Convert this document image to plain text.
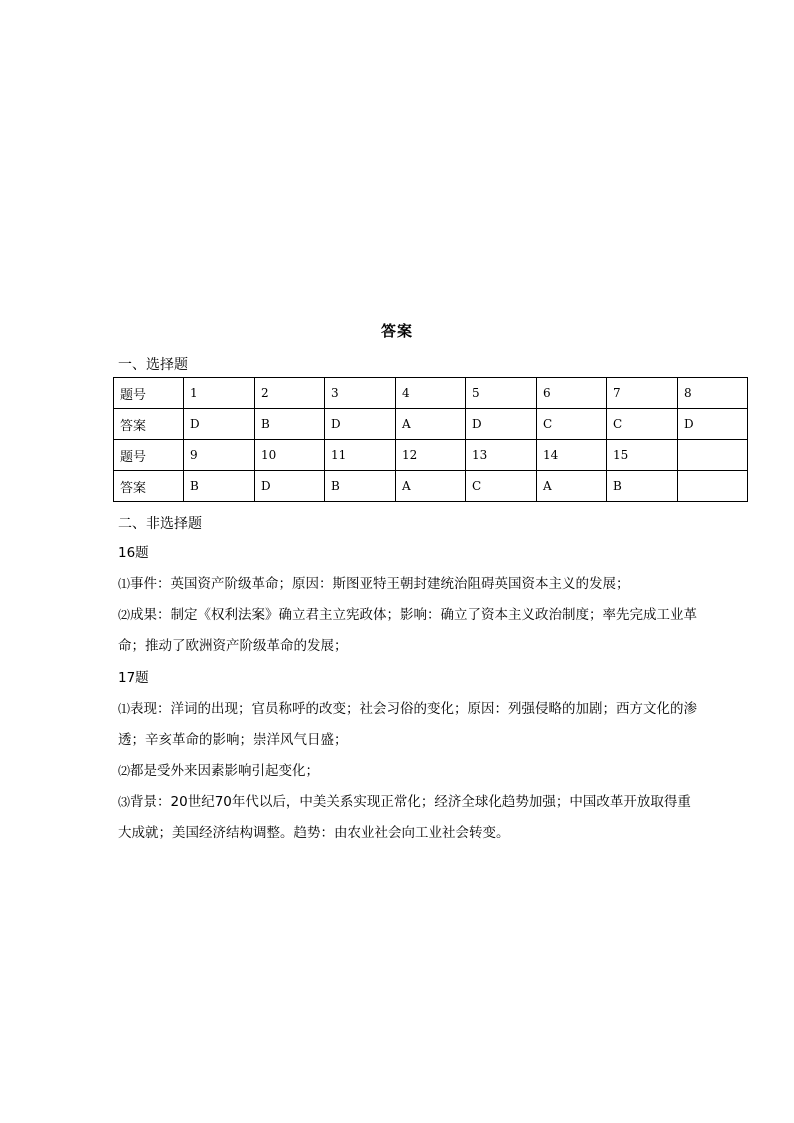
答案
一、选择题
题号	1	2	3	4	5	6	7	8
答案	D	B	D	A	D	C	C	D
题号	9	10	11	12	13	14	15	
答案	B	D	B	A	C	A	B	
二、非选择题

16题

⑴事件：英国资产阶级革命；原因：斯图亚特王朝封建统治阻碍英国资本主义的发展；

⑵成果：制定《权利法案》确立君主立宪政体；影响：确立了资本主义政治制度；率先完成工业革命；推动了欧洲资产阶级革命的发展；

17题

⑴表现：洋词的出现；官员称呼的改变；社会习俗的变化；原因：列强侵略的加剧；西方文化的渗透；辛亥革命的影响；崇洋风气日盛；

⑵都是受外来因素影响引起变化；

⑶背景：20世纪70年代以后，中美关系实现正常化；经济全球化趋势加强；中国改革开放取得重大成就；美国经济结构调整。趋势：由农业社会向工业社会转变。
